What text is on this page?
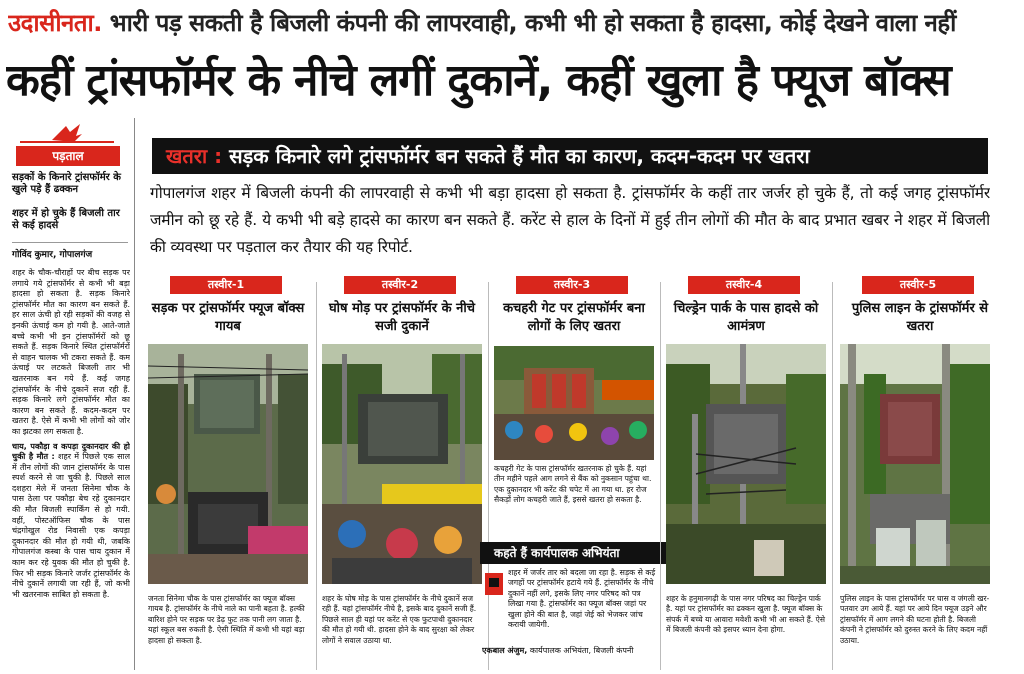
उदासीनता. भारी पड़ सकती है बिजली कंपनी की लापरवाही, कभी भी हो सकता है हादसा, कोई देखने वाला नहीं
कहीं ट्रांसफॉर्मर के नीचे लगीं दुकानें, कहीं खुला है फ्यूज बॉक्स
पड़ताल
सड़कों के किनारे ट्रांसफॉर्मर के खुले पड़े हैं ढक्कन
शहर में हो चुके हैं बिजली तार से कई हादसे
गोविंद कुमार, गोपालगंज

शहर के चौक-चौराहों पर बीच सड़क पर लगाये गये ट्रांसफॉर्मर से कभी भी बड़ा हादसा हो सकता है. सड़क किनारे ट्रांसफॉर्मर मौत का कारण बन सकते हैं. हर साल ऊंची हो रही सड़कों की वजह से इनकी ऊंचाई कम हो गयी है. आते-जाते बच्चे कभी भी इन ट्रांसफॉर्मरों को छू सकते हैं. सड़क किनारे स्थित ट्रांसफॉर्मरों से वाहन चालक भी टकरा सकते हैं. कम ऊंचाई पर लटकते बिजली तार भी खतरनाक बन गये हैं. कई जगह ट्रांसफॉर्मर के नीचे दुकानें सज रही हैं. सड़क किनारे लगे ट्रांसफॉर्मर मौत का कारण बन सकते हैं. कदम-कदम पर खतरा है. ऐसे में कभी भी लोगों को जोर का झटका लग सकता है.

चाय, पकौड़ा व कपड़ा दुकानदार की हो चुकी है मौत : शहर में पिछले एक साल में तीन लोगों की जान ट्रांसफॉर्मर के पास स्पर्श करने से जा चुकी है. पिछले साल दशहरा मेले में जनता सिनेमा चौक के पास ठेला पर पकौड़ा बेच रहे दुकानदार की मौत बिजली स्पार्किंग से हो गयी. वहीं, पोस्टऑफिस चौक के पास चंद्रगोखुल रोड निवासी एक कपड़ा दुकानदार की मौत हो गयी थी, जबकि गोपालगंज कस्बा के पास चाय दुकान में काम कर रहे युवक की मौत हो चुकी है. फिर भी सड़क किनारे जर्जर ट्रांसफॉर्मर के नीचे दुकानें लगायी जा रही हैं, जो कभी भी खतरनाक साबित हो सकता है.

खतरा : सड़क किनारे लगे ट्रांसफॉर्मर बन सकते हैं मौत का कारण, कदम-कदम पर खतरा
गोपालगंज शहर में बिजली कंपनी की लापरवाही से कभी भी बड़ा हादसा हो सकता है. ट्रांसफॉर्मर के कहीं तार जर्जर हो चुके हैं, तो कई जगह ट्रांसफॉर्मर जमीन को छू रहे हैं. ये कभी भी बड़े हादसे का कारण बन सकते हैं. करेंट से हाल के दिनों में हुई तीन लोगों की मौत के बाद प्रभात खबर ने शहर में बिजली की व्यवस्था पर पड़ताल कर तैयार की यह रिपोर्ट.
तस्वीर-1
सड़क पर ट्रांसफॉर्मर फ्यूज बॉक्स गायब
जनता सिनेमा चौक के पास ट्रांसफॉर्मर का फ्यूज बॉक्स गायब है. ट्रांसफॉर्मर के नीचे नाले का पानी बहता है. हल्की बारिश होने पर सड़क पर डेढ़ फुट तक पानी लग जाता है. यहां स्कूल बस रुकती है. ऐसी स्थिति में कभी भी यहां बड़ा हादसा हो सकता है.
तस्वीर-2
घोष मोड़ पर ट्रांसफॉर्मर के नीचे सजी दुकानें
शहर के घोष मोड़ के पास ट्रांसफॉर्मर के नीचे दुकानें सज रही हैं. यहां ट्रांसफॉर्मर नीचे है, इसके बाद दुकानें सजी हैं. पिछले साल ही यहां पर करेंट से एक फुटपाथी दुकानदार की मौत हो गयी थी. हादसा होने के बाद सुरक्षा को लेकर लोगों ने सवाल उठाया था.
तस्वीर-3
कचहरी गेट पर ट्रांसफॉर्मर बना लोगों के लिए खतरा
कचहरी गेट के पास ट्रांसफॉर्मर खतरनाक हो चुके हैं. यहां तीन महीने पहले आग लगने से बैंक को नुकसान पहुंचा था. एक दुकानदार भी करेंट की चपेट में आ गया था. हर रोज सैकड़ों लोग कचहरी जाते हैं, इससे खतरा हो सकता है.
कहते हैं कार्यपालक अभियंता
शहर में जर्जर तार को बदला जा रहा है. सड़क से कई जगहों पर ट्रांसफॉर्मर हटाये गये हैं. ट्रांसफॉर्मर के नीचे दुकानें नहीं लगे, इसके लिए नगर परिषद को पत्र लिखा गया है. ट्रांसफॉर्मर का फ्यूज बॉक्स जहां पर खुला होने की बात है, जहां जेई को भेजकर जांच करायी जायेगी.
एकबाल अंजुम, कार्यपालक अभियंता, बिजली कंपनी
तस्वीर-4
चिल्ड्रेन पार्क के पास हादसे को आमंत्रण
शहर के हनुमानगढ़ी के पास नगर परिषद का चिल्ड्रेन पार्क है. यहां पर ट्रांसफॉर्मर का ढक्कन खुला है. फ्यूज बॉक्स के संपर्क में बच्चे या आवारा मवेशी कभी भी आ सकते हैं. ऐसे में बिजली कंपनी को इसपर ध्यान देना होगा.
तस्वीर-5
पुलिस लाइन के ट्रांसफॉर्मर से खतरा
पुलिस लाइन के पास ट्रांसफॉर्मर पर घास व जंगली खर-पतवार उग आये हैं. यहां पर आये दिन फ्यूज उड़ने और ट्रांसफॉर्मर में आग लगने की घटना होती है. बिजली कंपनी ने ट्रांसफॉर्मर को दुरुस्त करने के लिए कदम नहीं उठाया.
